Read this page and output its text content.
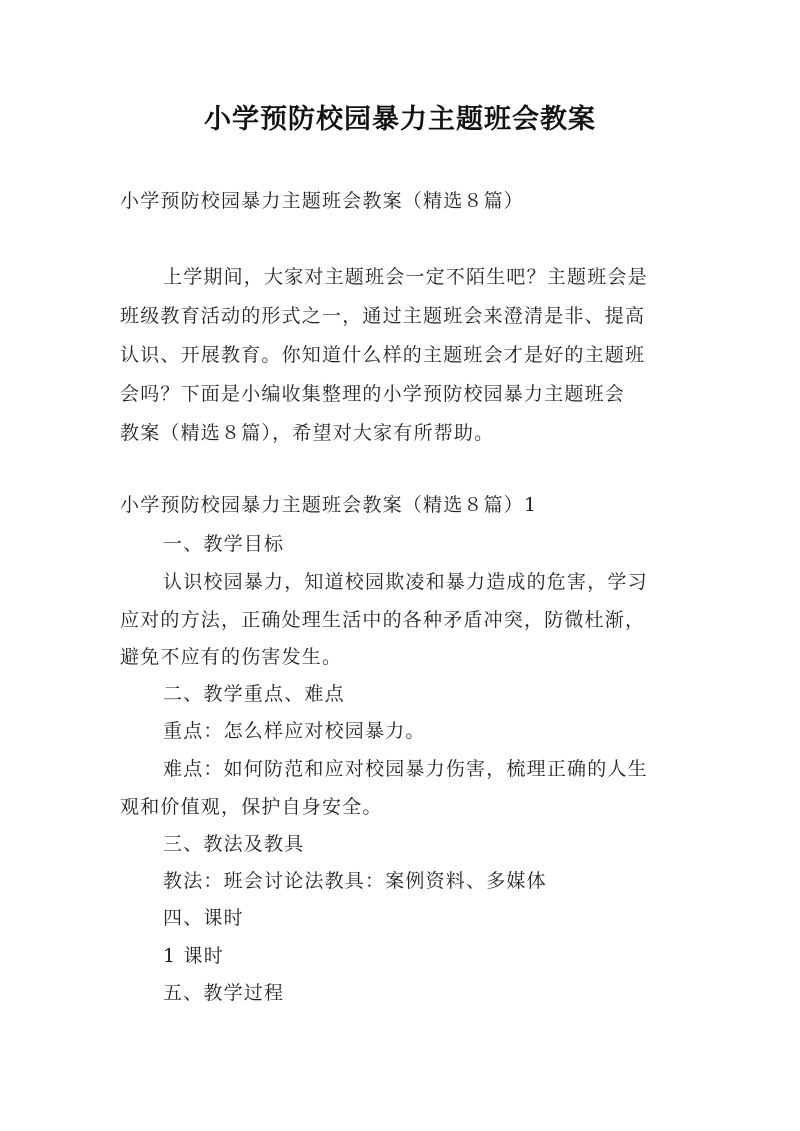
小学预防校园暴力主题班会教案

小学预防校园暴力主题班会教案（精选８篇）

上学期间，大家对主题班会一定不陌生吧？主题班会是

班级教育活动的形式之一，通过主题班会来澄清是非、提高

认识、开展教育。你知道什么样的主题班会才是好的主题班

会吗？下面是小编收集整理的小学预防校园暴力主题班会

教案（精选８篇），希望对大家有所帮助。

小学预防校园暴力主题班会教案（精选８篇）1

一、教学目标

认识校园暴力，知道校园欺凌和暴力造成的危害，学习

应对的方法，正确处理生活中的各种矛盾冲突，防微杜渐，

避免不应有的伤害发生。

二、教学重点、难点

重点：怎么样应对校园暴力。

难点：如何防范和应对校园暴力伤害，梳理正确的人生

观和价值观，保护自身安全。

三、教法及教具

教法：班会讨论法教具：案例资料、多媒体

四、课时

1 课时

五、教学过程
